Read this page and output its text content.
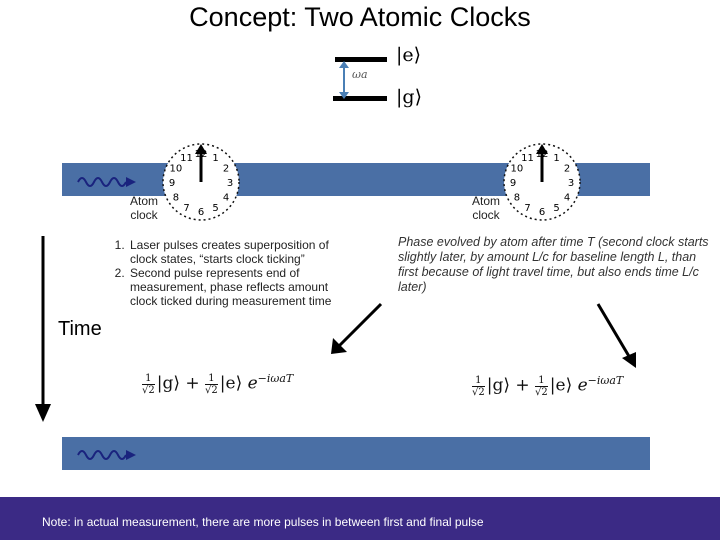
Concept: Two Atomic Clocks
ωa
|e⟩
|g⟩
12 1
2
3
4
5
6
7
8
9
10
11	12 1
2
3
4
5
6
7
8
9
10
11
Atom clock
Atom clock
1. Laser pulses creates superposition of clock states, “starts clock ticking”
2. Second pulse represents end of measurement, phase reflects amount clock ticked during measurement time
Phase evolved by atom after time T (second clock starts slightly later, by amount L/c for baseline length L, than first because of light travel time, but also ends time L/c later)
Time
$\frac{1}{√2}$ |g⟩ + $\frac{1}{√2}$ |e⟩ $e^{-i\omega aT}$	$\frac{1}{√2}$ |g⟩ + $\frac{1}{√2}$ |e⟩ $e^{-i\omega aT}$
Note: in actual measurement, there are more pulses in between first and final pulse
